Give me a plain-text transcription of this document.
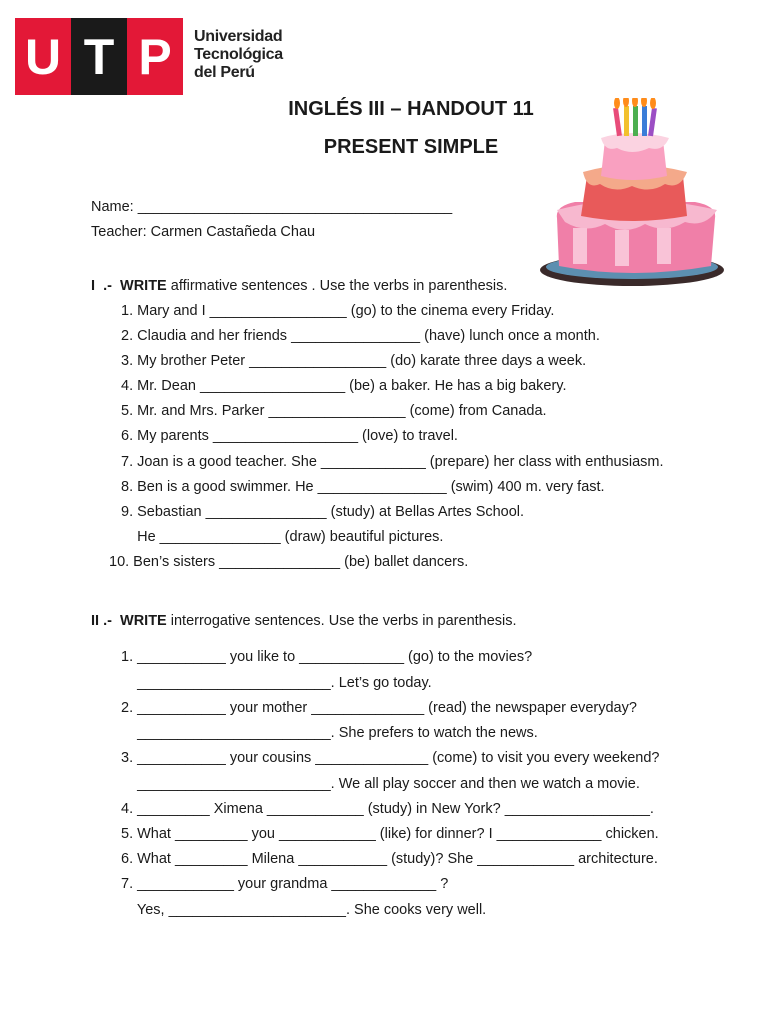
U T P	Universidad
Tecnológica
del Perú
INGLÉS III – HANDOUT 11
PRESENT SIMPLE
Name: _______________________________________
Teacher: Carmen Castañeda Chau
I  .- WRITE affirmative sentences . Use the verbs in parenthesis.
1. Mary and I _________________ (go) to the cinema every Friday.
2. Claudia and her friends ________________ (have) lunch once a month.
3. My brother Peter _________________ (do) karate three days a week.
4. Mr. Dean __________________ (be) a baker. He has a big bakery.
5. Mr. and Mrs. Parker _________________ (come) from Canada.
6. My parents __________________ (love) to travel.
7. Joan is a good teacher. She _____________ (prepare) her class with enthusiasm.
8. Ben is a good swimmer. He ________________ (swim) 400 m. very fast.
9. Sebastian _______________ (study) at Bellas Artes School.
He _______________ (draw) beautiful pictures.
10. Ben’s sisters _______________ (be) ballet dancers.
II .- WRITE interrogative sentences. Use the verbs in parenthesis.
1. ___________ you like to _____________ (go) to the movies?
________________________. Let’s go today.
2. ___________ your mother ______________ (read) the newspaper everyday?
________________________. She prefers to watch the news.
3. ___________ your cousins ______________ (come) to visit you every weekend?
________________________. We all play soccer and then we watch a movie.
4. _________ Ximena ____________ (study) in New York? __________________.
5. What _________ you ____________ (like) for dinner? I _____________ chicken.
6. What _________ Milena ___________ (study)? She ____________ architecture.
7. ____________ your grandma _____________ ?
Yes, ______________________. She cooks very well.
